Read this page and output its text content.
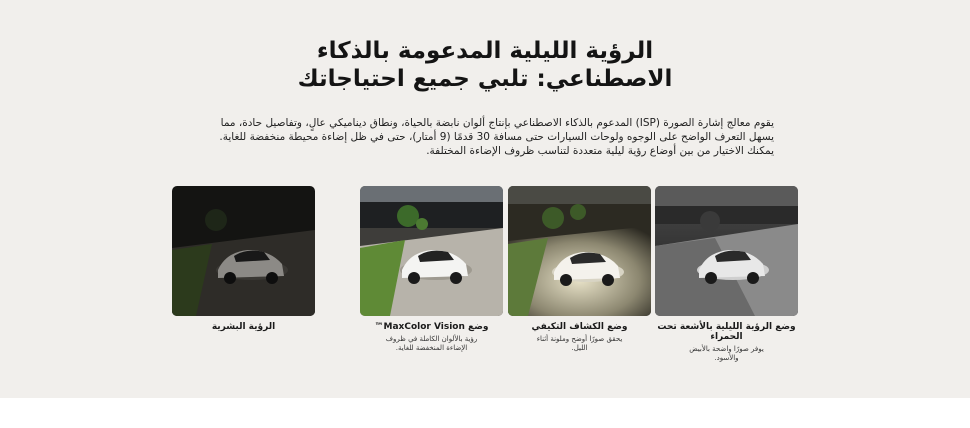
الرؤية الليلية المدعومة بالذكاء
الاصطناعي: تلبي جميع احتياجاتك

يقوم معالج إشارة الصورة (ISP) المدعوم بالذكاء الاصطناعي بإنتاج ألوان نابضة بالحياة، ونطاق ديناميكي عالٍ، وتفاصيل حادة، مما

يسهل التعرف الواضح على الوجوه ولوحات السيارات حتى مسافة 30 قدمًا (9 أمتار)، حتى في ظل إضاءة محيطة منخفضة للغاية.

يمكنك الاختيار من بين أوضاع رؤية ليلية متعددة لتناسب ظروف الإضاءة المختلفة.

وضع الرؤية الليلية بالأشعة تحت الحمراء
يوفر صورًا واضحة بالأبيض
والأسود.
وضع الكشاف التكيفي
يحقق صورًا أوضح وملونة أثناء
الليل.
وضع MaxColor Vision™
رؤية بالألوان الكاملة في ظروف
الإضاءة المنخفضة للغاية.
الرؤية البشرية
